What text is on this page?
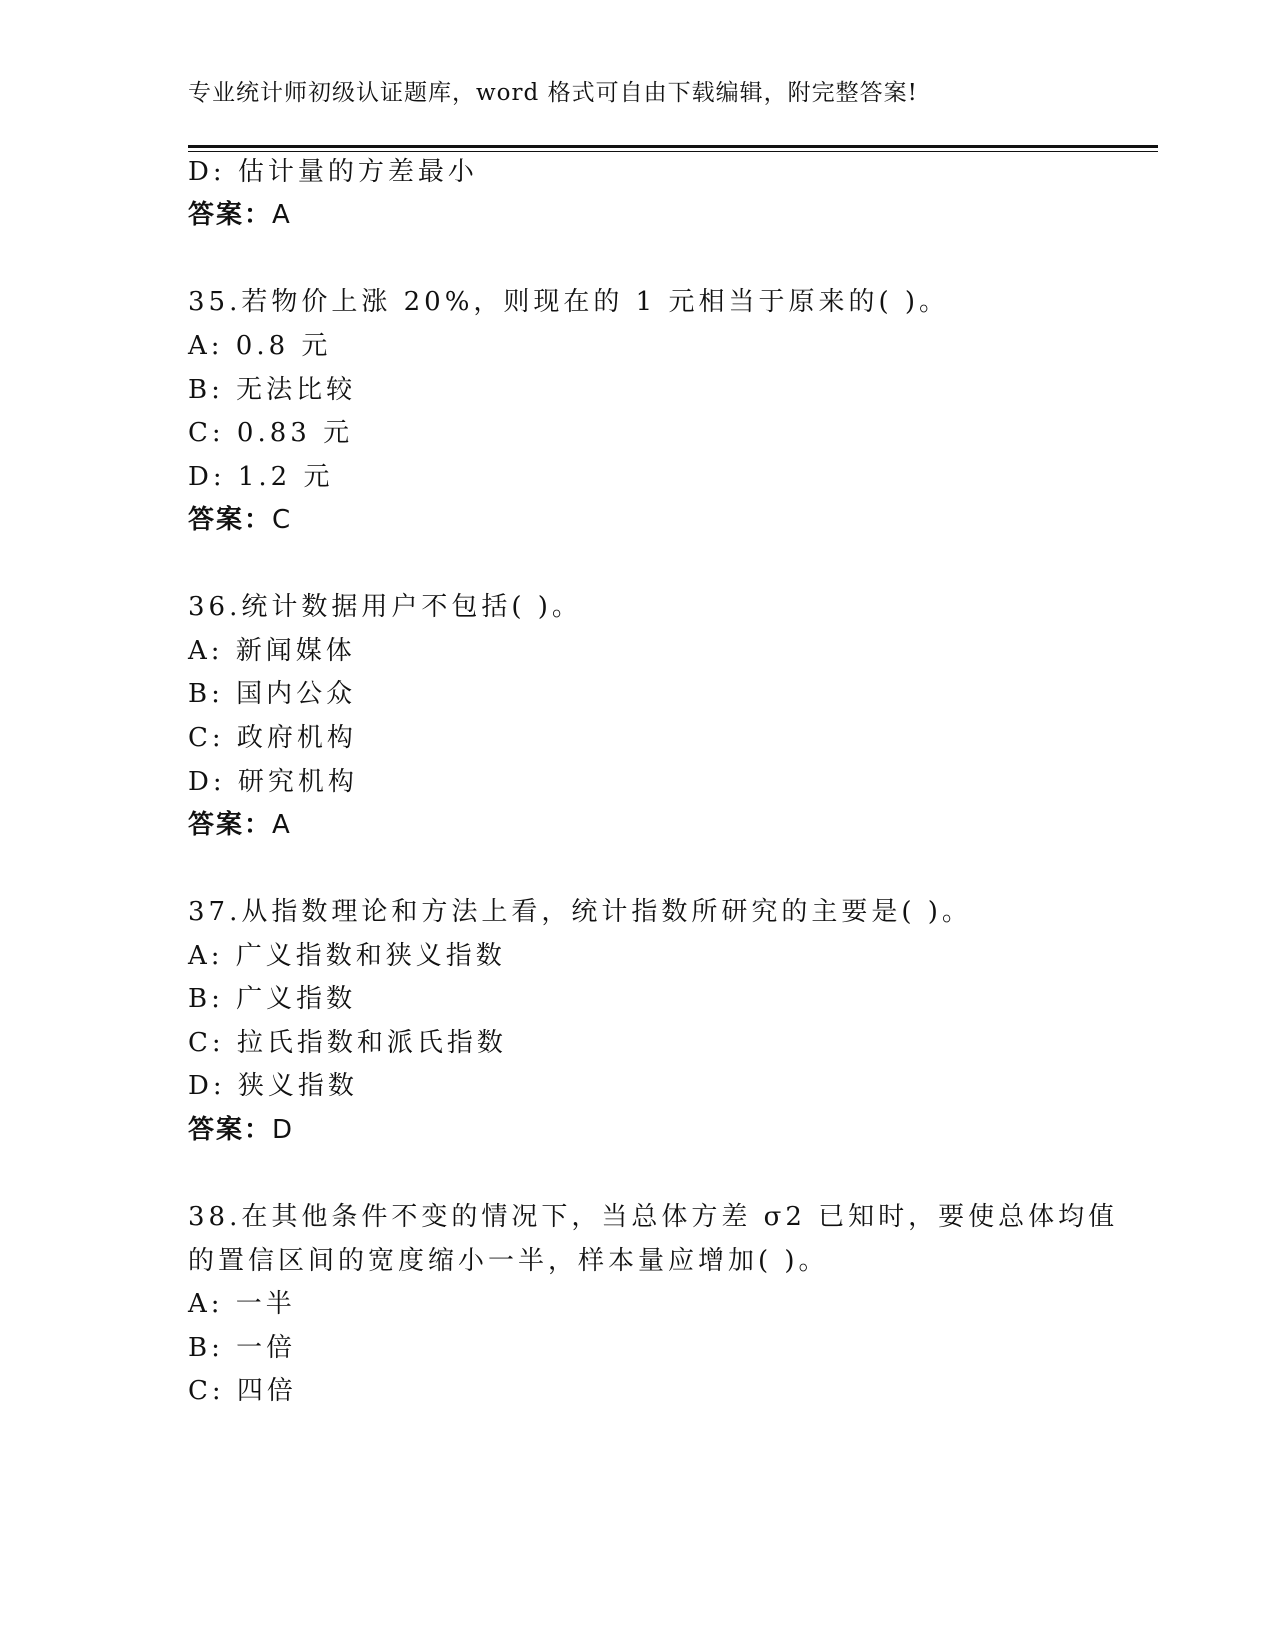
专业统计师初级认证题库，word 格式可自由下载编辑，附完整答案!
D: 估计量的方差最小
答案：A
35.若物价上涨 20%，则现在的 1 元相当于原来的( )。
A: 0.8 元
B: 无法比较
C: 0.83 元
D: 1.2 元
答案：C
36.统计数据用户不包括( )。
A: 新闻媒体
B: 国内公众
C: 政府机构
D: 研究机构
答案：A
37.从指数理论和方法上看，统计指数所研究的主要是( )。
A: 广义指数和狭义指数
B: 广义指数
C: 拉氏指数和派氏指数
D: 狭义指数
答案：D
38.在其他条件不变的情况下，当总体方差 σ2 已知时，要使总体均值
的置信区间的宽度缩小一半，样本量应增加( )。
A: 一半
B: 一倍
C: 四倍
